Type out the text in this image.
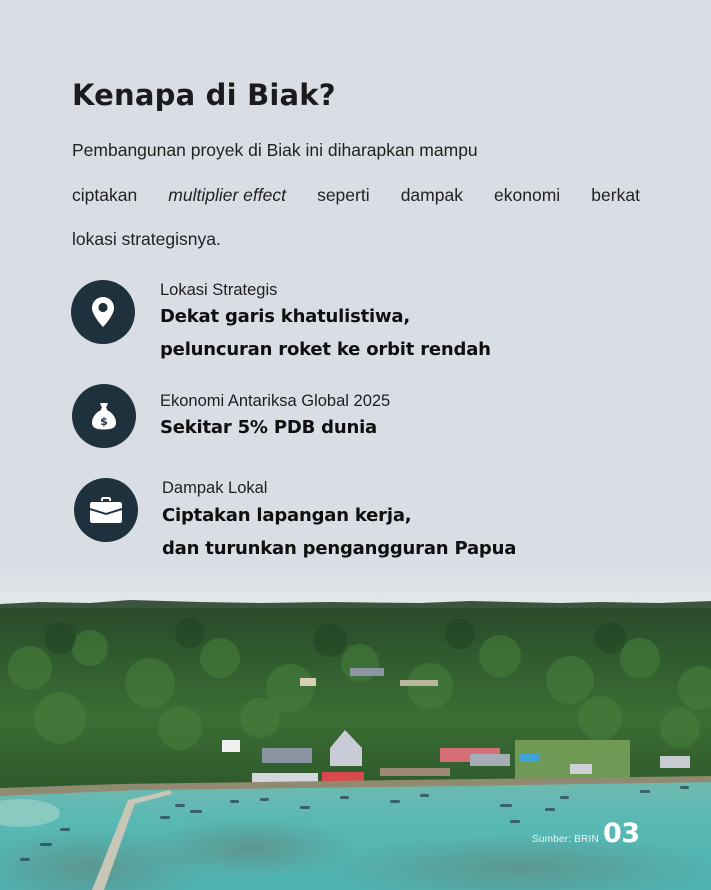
Kenapa di Biak?
Pembangunan proyek di Biak ini diharapkan mampu
ciptakan multiplier effect seperti dampak ekonomi berkat
lokasi strategisnya.
Lokasi Strategis
Dekat garis khatulistiwa,
peluncuran roket ke orbit rendah
$
Ekonomi Antariksa Global 2025
Sekitar 5% PDB dunia
Dampak Lokal
Ciptakan lapangan kerja,
dan turunkan pengangguran Papua
Sumber: BRIN 03
